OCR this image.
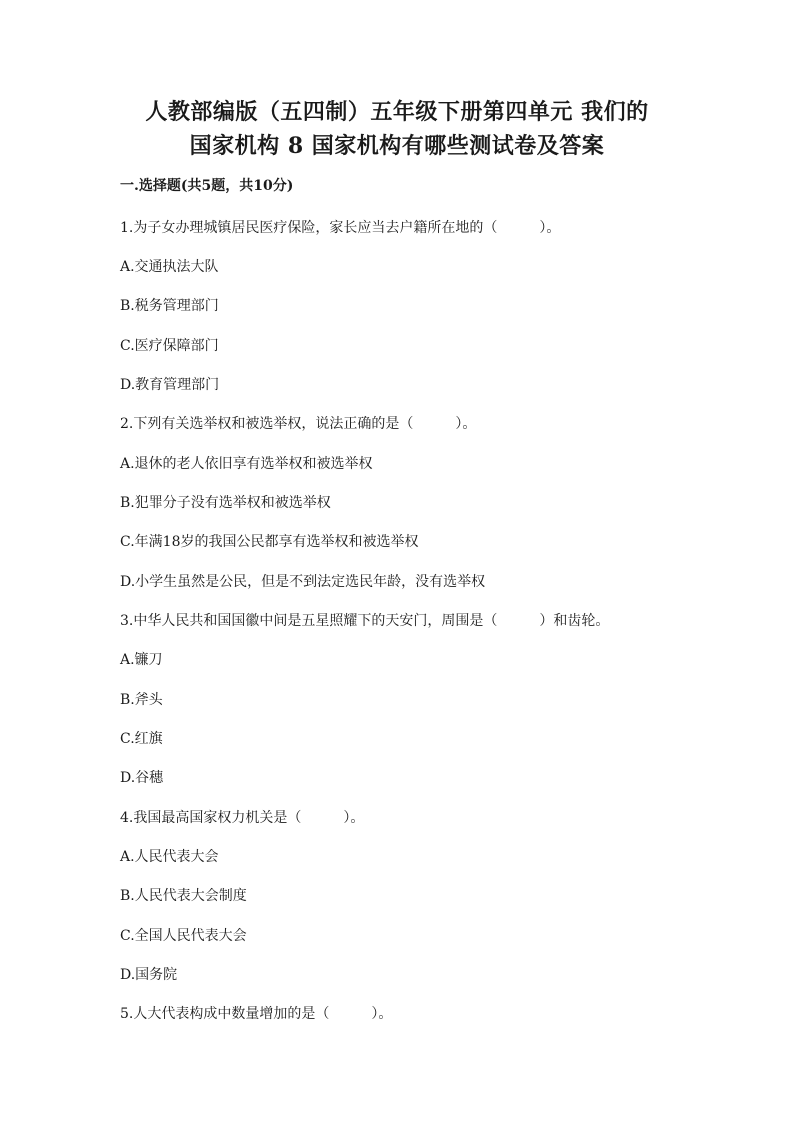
人教部编版（五四制）五年级下册第四单元 我们的
国家机构 8 国家机构有哪些测试卷及答案
一.选择题(共5题，共10分)
1.为子女办理城镇居民医疗保险，家长应当去户籍所在地的（　　　）。
A.交通执法大队
B.税务管理部门
C.医疗保障部门
D.教育管理部门
2.下列有关选举权和被选举权，说法正确的是（　　　）。
A.退休的老人依旧享有选举权和被选举权
B.犯罪分子没有选举权和被选举权
C.年满18岁的我国公民都享有选举权和被选举权
D.小学生虽然是公民，但是不到法定选民年龄，没有选举权
3.中华人民共和国国徽中间是五星照耀下的天安门，周围是（　　　）和齿轮。
A.镰刀
B.斧头
C.红旗
D.谷穗
4.我国最高国家权力机关是（　　　）。
A.人民代表大会
B.人民代表大会制度
C.全国人民代表大会
D.国务院
5.人大代表构成中数量增加的是（　　　）。
